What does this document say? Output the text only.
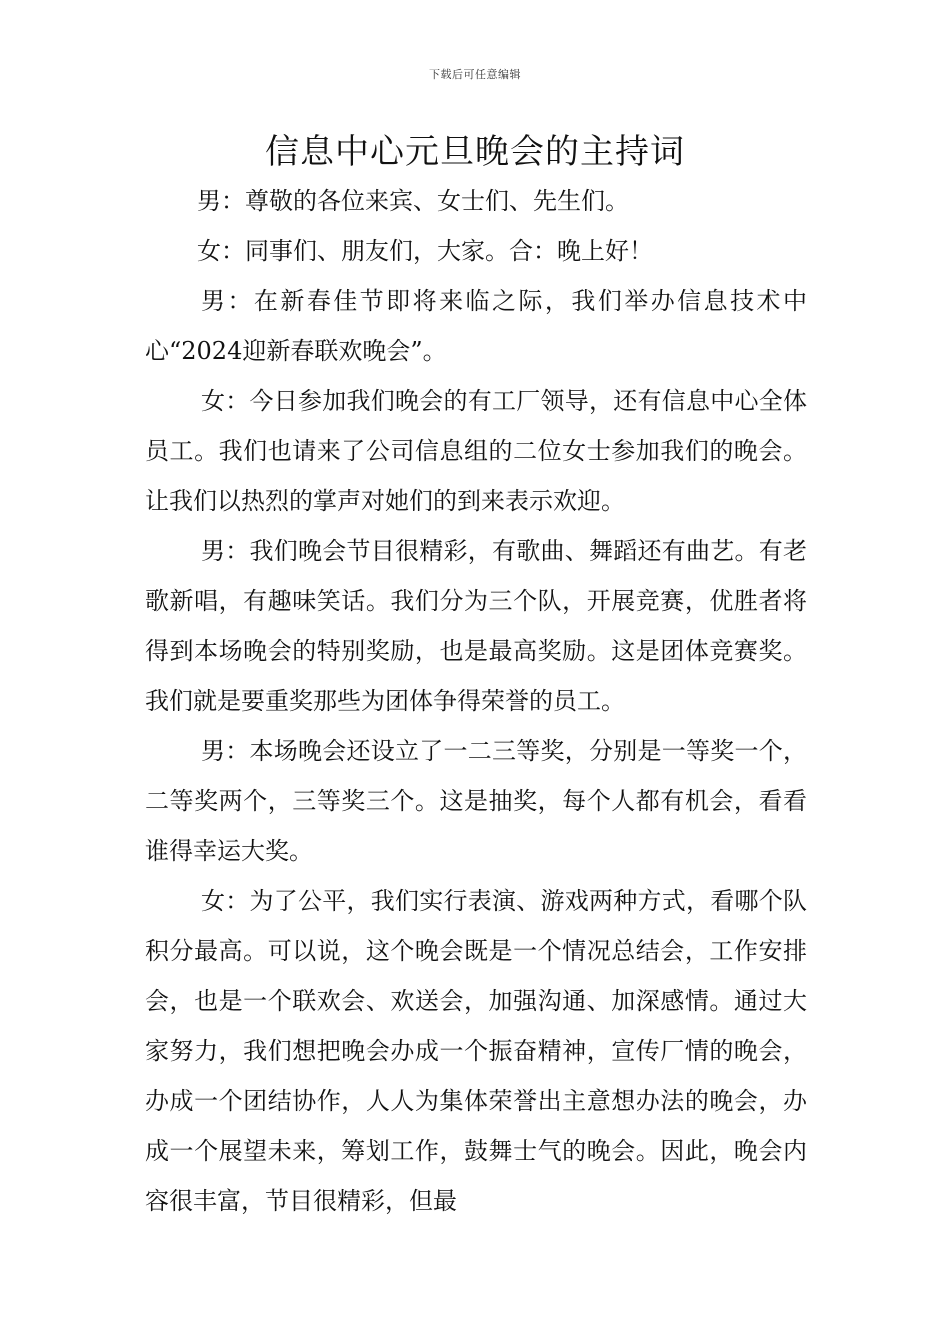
下载后可任意编辑
信息中心元旦晚会的主持词

男：尊敬的各位来宾、女士们、先生们。

女：同事们、朋友们，大家。合：晚上好！

男：在新春佳节即将来临之际，我们举办信息技术中心“2024迎新春联欢晚会”。

女：今日参加我们晚会的有工厂领导，还有信息中心全体员工。我们也请来了公司信息组的二位女士参加我们的晚会。让我们以热烈的掌声对她们的到来表示欢迎。

男：我们晚会节目很精彩，有歌曲、舞蹈还有曲艺。有老歌新唱，有趣味笑话。我们分为三个队，开展竞赛，优胜者将得到本场晚会的特别奖励，也是最高奖励。这是团体竞赛奖。我们就是要重奖那些为团体争得荣誉的员工。

男：本场晚会还设立了一二三等奖，分别是一等奖一个，二等奖两个，三等奖三个。这是抽奖，每个人都有机会，看看谁得幸运大奖。

女：为了公平，我们实行表演、游戏两种方式，看哪个队积分最高。可以说，这个晚会既是一个情况总结会，工作安排会，也是一个联欢会、欢送会，加强沟通、加深感情。通过大家努力，我们想把晚会办成一个振奋精神，宣传厂情的晚会，办成一个团结协作，人人为集体荣誉出主意想办法的晚会，办成一个展望未来，筹划工作，鼓舞士气的晚会。因此，晚会内容很丰富，节目很精彩，但最
